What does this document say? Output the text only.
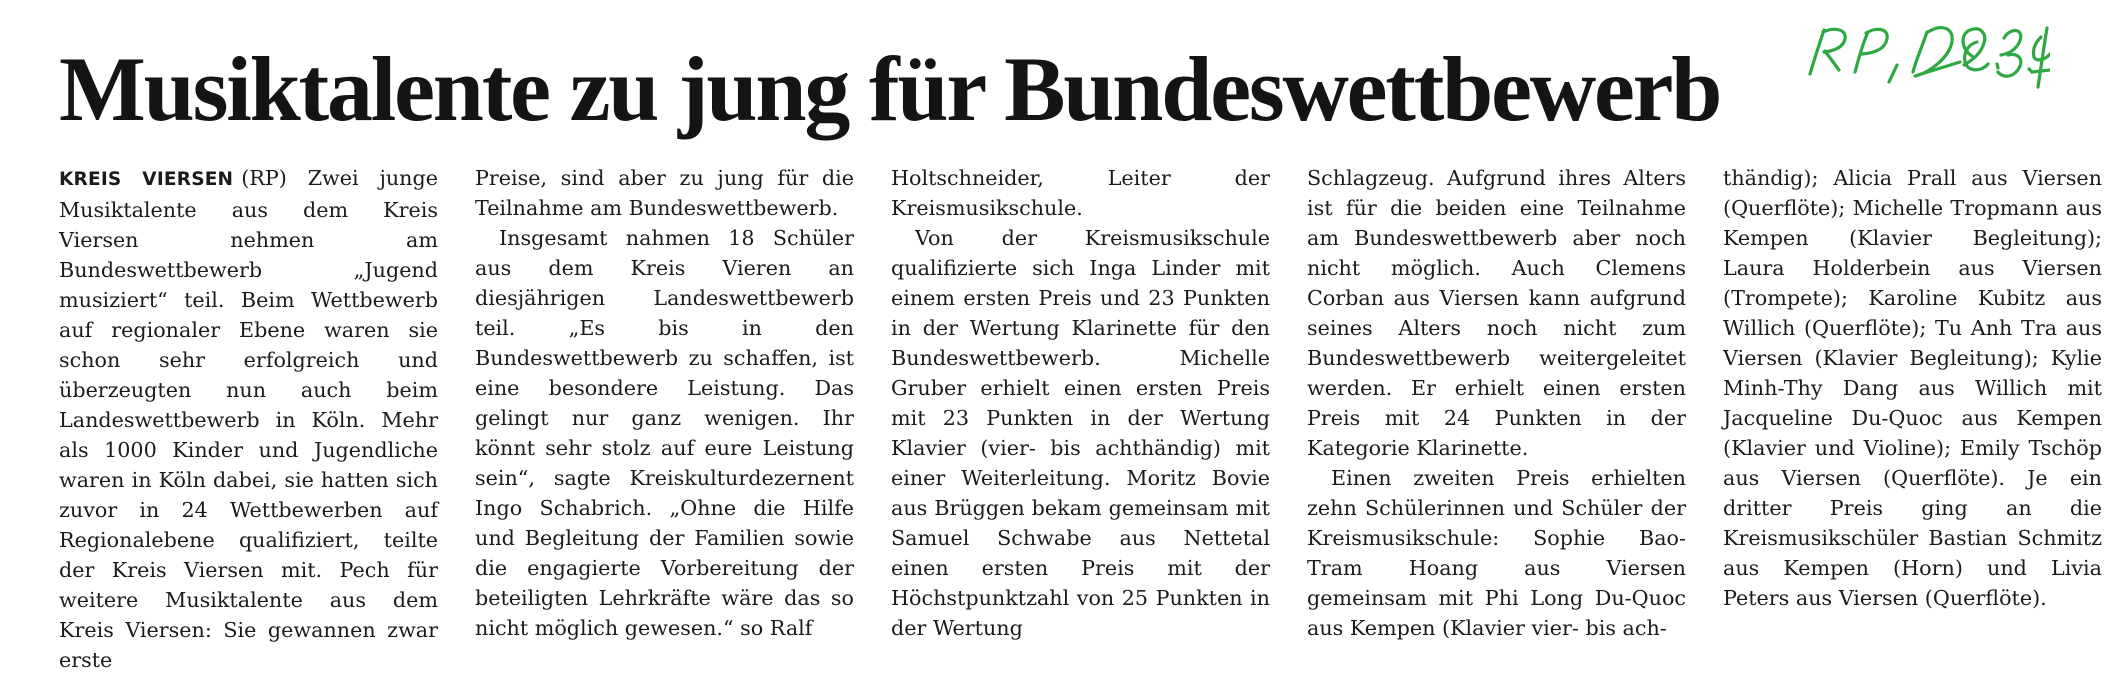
Musiktalente zu jung für Bundeswettbewerb

KREIS VIERSEN (RP) Zwei junge Musiktalente aus dem Kreis Viersen nehmen am Bundeswettbewerb „Jugend musiziert“ teil. Beim Wettbewerb auf regionaler Ebene waren sie schon sehr erfolgreich und überzeugten nun auch beim Landeswettbewerb in Köln. Mehr als 1000 Kinder und Jugendliche waren in Köln dabei, sie hatten sich zuvor in 24 Wettbewerben auf Regionalebene qualifiziert, teilte der Kreis Viersen mit. Pech für weitere Musiktalente aus dem Kreis Viersen: Sie gewannen zwar erste

Preise, sind aber zu jung für die Teilnahme am Bundeswettbewerb.

Insgesamt nahmen 18 Schüler aus dem Kreis Vieren an diesjährigen Landeswettbewerb teil. „Es bis in den Bundeswettbewerb zu schaffen, ist eine besondere Leistung. Das gelingt nur ganz wenigen. Ihr könnt sehr stolz auf eure Leistung sein“, sagte Kreiskulturdezernent Ingo Schabrich. „Ohne die Hilfe und Begleitung der Familien sowie die engagierte Vorbereitung der beteiligten Lehrkräfte wäre das so nicht möglich gewesen.“ so Ralf

Holtschneider, Leiter der Kreismusikschule.

Von der Kreismusikschule qualifizierte sich Inga Linder mit einem ersten Preis und 23 Punkten in der Wertung Klarinette für den Bundeswettbewerb. Michelle Gruber erhielt einen ersten Preis mit 23 Punkten in der Wertung Klavier (vier- bis achthändig) mit einer Weiterleitung. Moritz Bovie aus Brüggen bekam gemeinsam mit Samuel Schwabe aus Nettetal einen ersten Preis mit der Höchstpunktzahl von 25 Punkten in der Wertung

Schlagzeug. Aufgrund ihres Alters ist für die beiden eine Teilnahme am Bundeswettbewerb aber noch nicht möglich. Auch Clemens Corban aus Viersen kann aufgrund seines Alters noch nicht zum Bundeswettbewerb weitergeleitet werden. Er erhielt einen ersten Preis mit 24 Punkten in der Kategorie Klarinette.

Einen zweiten Preis erhielten zehn Schülerinnen und Schüler der Kreismusikschule: Sophie Bao-Tram Hoang aus Viersen gemeinsam mit Phi Long Du-Quoc aus Kempen (Klavier vier- bis ach-

thändig); Alicia Prall aus Viersen (Querflöte); Michelle Tropmann aus Kempen (Klavier Begleitung); Laura Holderbein aus Viersen (Trompete); Karoline Kubitz aus Willich (Querflöte); Tu Anh Tra aus Viersen (Klavier Begleitung); Kylie Minh-Thy Dang aus Willich mit Jacqueline Du-Quoc aus Kempen (Klavier und Violine); Emily Tschöp aus Viersen (Querflöte). Je ein dritter Preis ging an die Kreismusikschüler Bastian Schmitz aus Kempen (Horn) und Livia Peters aus Viersen (Querflöte).
